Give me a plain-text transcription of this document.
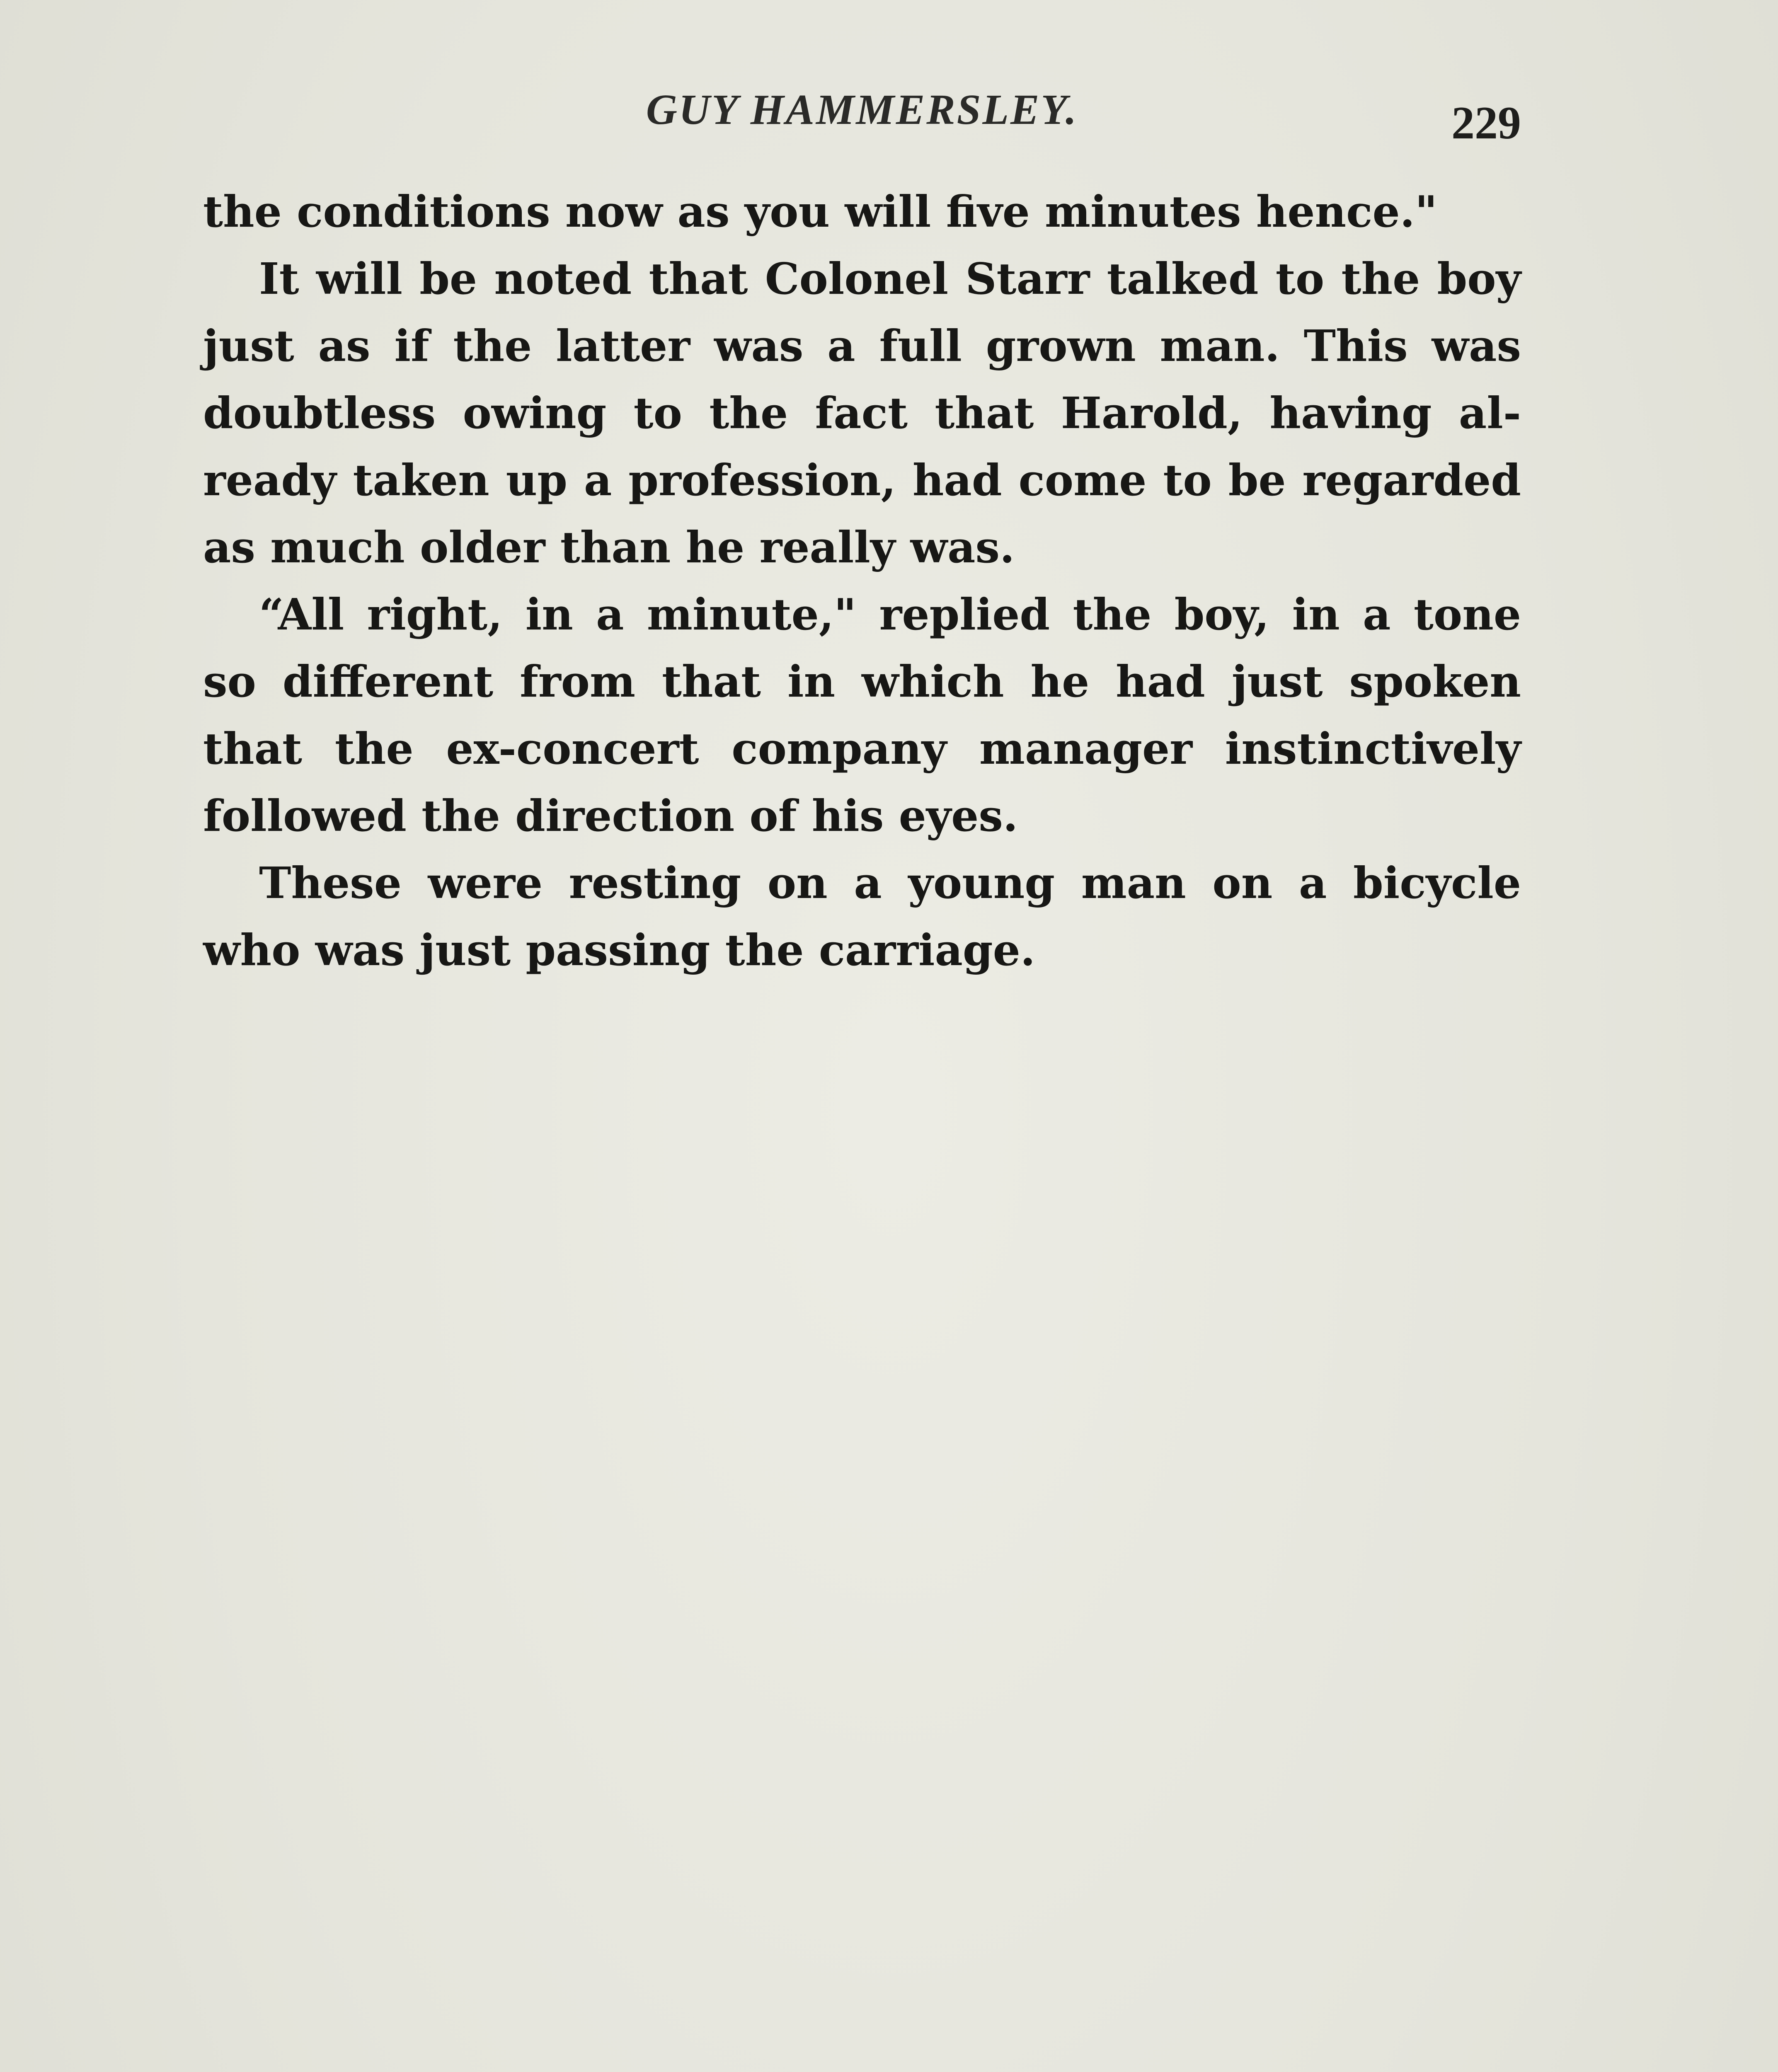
GUY HAMMERSLEY.	229
the conditions now as you will five minutes hence."
It will be noted that Colonel Starr talked to the boy
just as if the latter was a full grown man. This was
doubtless owing to the fact that Harold, having al-
ready taken up a profession, had come to be regarded
as much older than he really was.
“All right, in a minute," replied the boy, in a tone
so different from that in which he had just spoken
that the ex-concert company manager instinctively
followed the direction of his eyes.
These were resting on a young man on a bicycle
who was just passing the carriage.
